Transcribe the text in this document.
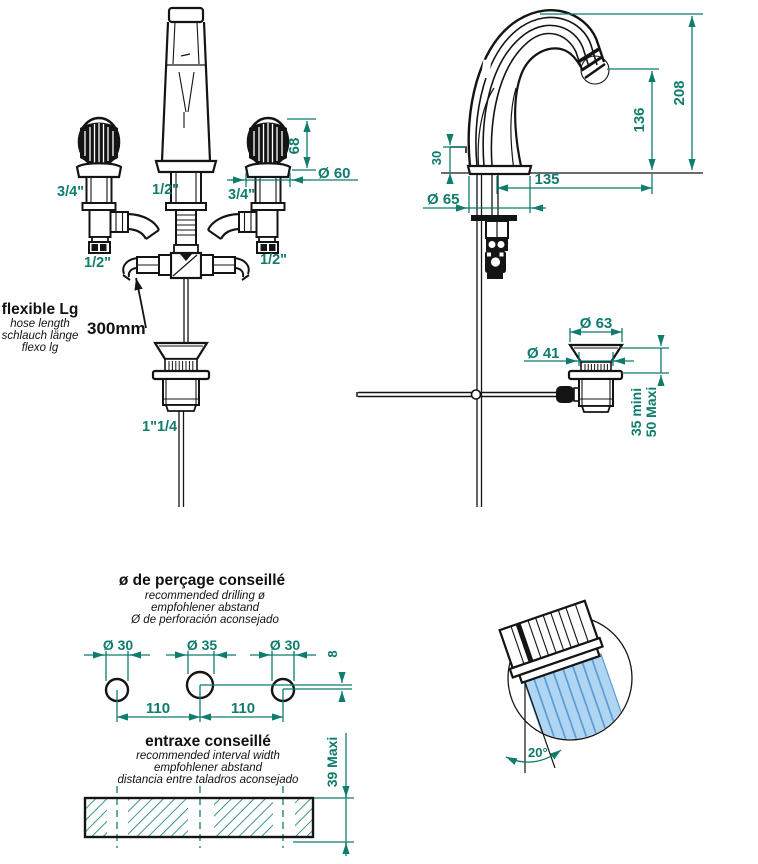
3/4"	1/2"	3/4"
1/2"	1/2"
68
Ø 60
1"1/4
flexible Lg
hose length
schlauch länge
flexo lg
300mm
208
136
135
30
Ø 65
Ø 63
Ø 41
35 mini 50 Maxi
ø de perçage conseillé
recommended drilling ø
empfohlener abstand
Ø de perforación aconsejado
Ø 30	Ø 35	Ø 30
8
110	110
entraxe conseillé
recommended interval width
empfohlener abstand
distancia entre taladros aconsejado 39 Maxi	20°
